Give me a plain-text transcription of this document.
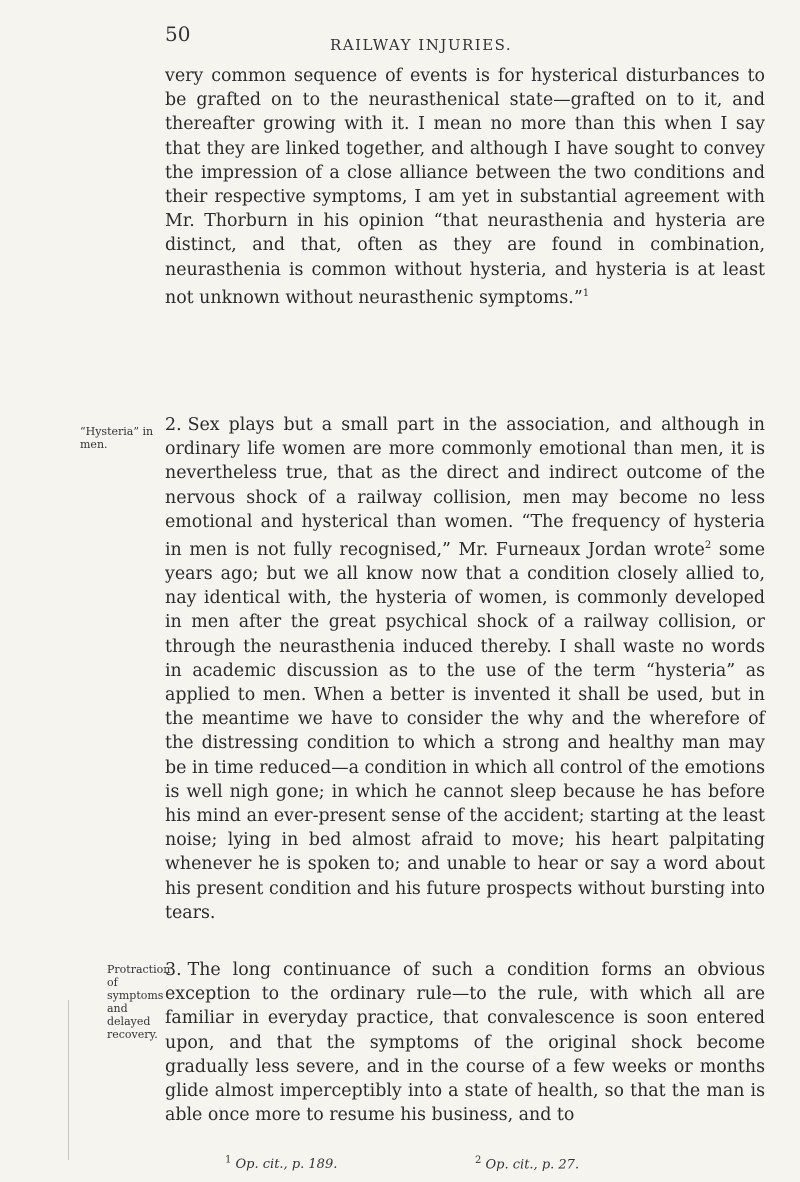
50	RAILWAY INJURIES.

very common sequence of events is for hysterical disturbances to be grafted on to the neurasthenical state—grafted on to it, and thereafter growing with it. I mean no more than this when I say that they are linked together, and although I have sought to convey the impression of a close alliance between the two conditions and their respective symptoms, I am yet in substantial agreement with Mr. Thorburn in his opinion “that neurasthenia and hysteria are distinct, and that, often as they are found in combination, neurasthenia is common without hysteria, and hysteria is at least not unknown without neurasthenic symptoms.”$^1$

“Hysteria” in men.

2. Sex plays but a small part in the association, and although in ordinary life women are more commonly emotional than men, it is nevertheless true, that as the direct and indirect outcome of the nervous shock of a railway collision, men may become no less emotional and hysterical than women. “The frequency of hysteria in men is not fully recognised,” Mr. Furneaux Jordan wrote$^2$ some years ago; but we all know now that a condition closely allied to, nay identical with, the hysteria of women, is commonly developed in men after the great psychical shock of a railway collision, or through the neurasthenia induced thereby. I shall waste no words in academic discussion as to the use of the term “hysteria” as applied to men. When a better is invented it shall be used, but in the meantime we have to consider the why and the wherefore of the distressing condition to which a strong and healthy man may be in time reduced—a condition in which all control of the emotions is well nigh gone; in which he cannot sleep because he has before his mind an ever-present sense of the accident; starting at the least noise; lying in bed almost afraid to move; his heart palpitating whenever he is spoken to; and unable to hear or say a word about his present condition and his future prospects without bursting into tears.

Protraction of symptoms and delayed recovery.

3. The long continuance of such a condition forms an obvious exception to the ordinary rule—to the rule, with which all are familiar in everyday practice, that convalescence is soon entered upon, and that the symptoms of the original shock become gradually less severe, and in the course of a few weeks or months glide almost imperceptibly into a state of health, so that the man is able once more to resume his business, and to

$^1$ Op. cit., p. 189.	$^2$ Op. cit., p. 27.
